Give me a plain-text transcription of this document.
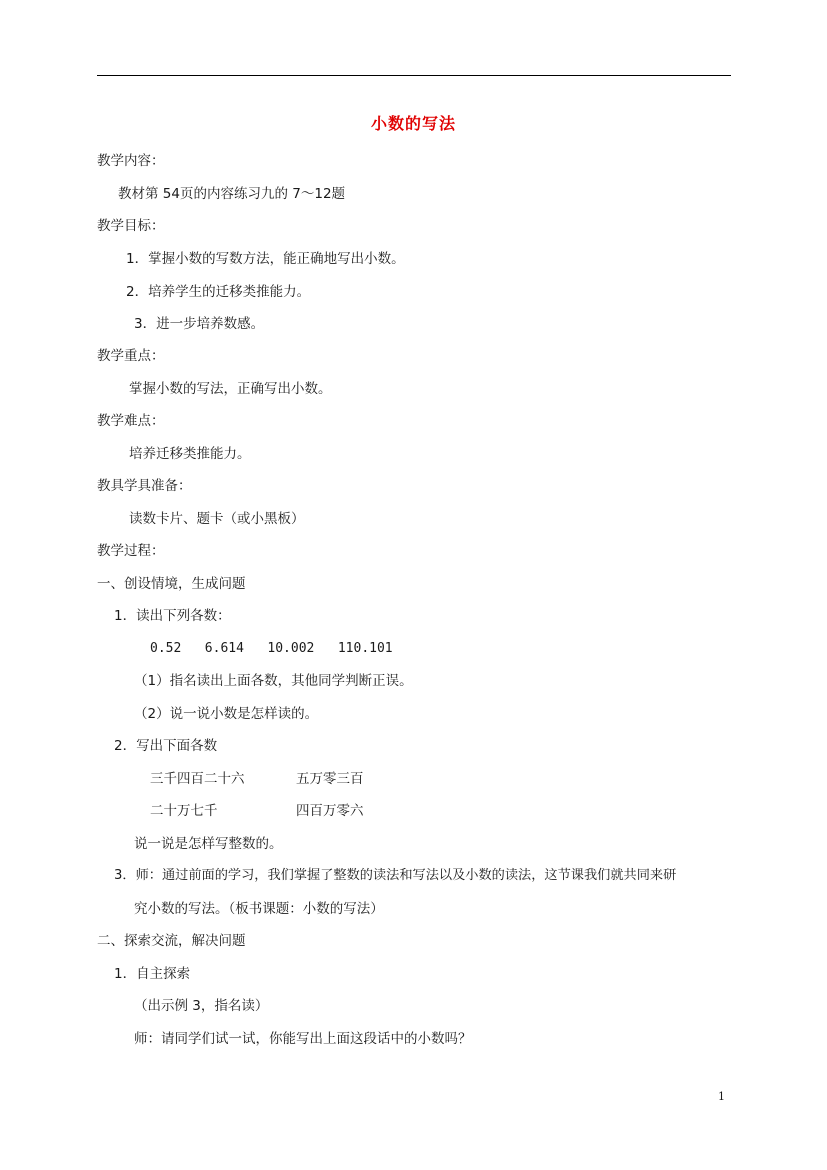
小数的写法
教学内容：
教材第 54页的内容练习九的 7～12题
教学目标：
1．掌握小数的写数方法，能正确地写出小数。
2．培养学生的迁移类推能力。
3．进一步培养数感。
教学重点：
掌握小数的写法，正确写出小数。
教学难点：
培养迁移类推能力。
教具学具准备：
读数卡片、题卡（或小黑板）
教学过程：
一、创设情境，生成问题
1．读出下列各数：
0.52   6.614   10.002   110.101
（1）指名读出上面各数，其他同学判断正误。
（2）说一说小数是怎样读的。
2．写出下面各数
三千四百二十六	五万零三百
二十万七千	四百万零六
说一说是怎样写整数的。
3．师：通过前面的学习，我们掌握了整数的读法和写法以及小数的读法，这节课我们就共同来研
究小数的写法。（板书课题：小数的写法）
二、探索交流，解决问题
1．自主探索
（出示例 3，指名读）
师：请同学们试一试，你能写出上面这段话中的小数吗？
1
